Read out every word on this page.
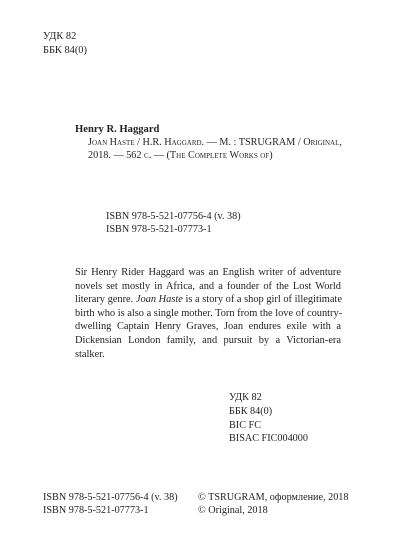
УДК 82
ББК 84(0)
Henry R. Haggard
Joan Haste / H.R. Haggard. — M. : TSRUGRAM / Original,
2018. — 562 с. — (The Complete Works of)
ISBN 978-5-521-07756-4 (v. 38)
ISBN 978-5-521-07773-1
Sir Henry Rider Haggard was an English writer of adventure
novels set mostly in Africa, and a founder of the Lost World
literary genre. Joan Haste is a story of a shop girl of illegitimate
birth who is also a single mother. Torn from the love of country-
dwelling Captain Henry Graves, Joan endures exile with a
Dickensian London family, and pursuit by a Victorian-era
stalker.
УДК 82
ББК 84(0)
BIC FC
BISAC FIC004000
ISBN 978-5-521-07756-4 (v. 38)
ISBN 978-5-521-07773-1
© TSRUGRAM, оформление, 2018
© Original, 2018
